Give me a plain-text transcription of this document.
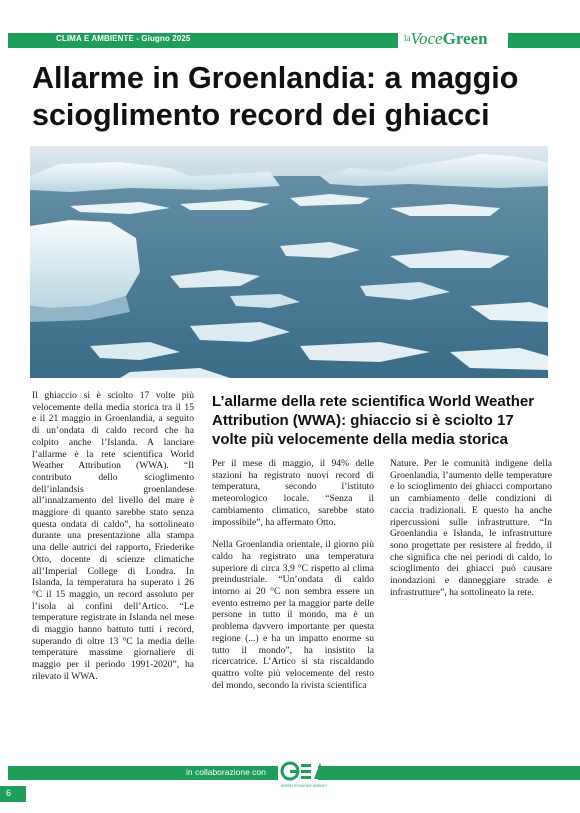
CLIMA E AMBIENTE - Giugno 2025	laVoceGreen
Allarme in Groenlandia: a maggio scioglimento record dei ghiacci

Il ghiaccio si è sciolto 17 volte più velocemente della media storica tra il 15 e il 21 maggio in Groenlandia, a seguito di un’ondata di caldo record che ha colpito anche l’Islanda. A lanciare l’allarme è la rete scientifica World Weather Attribution (WWA). “Il contributo dello scioglimento dell’inlandsis groenlandese all’innalzamento del livello del mare è maggiore di quanto sarebbe stato senza questa ondata di caldo”, ha sottolineato durante una presentazione alla stampa una delle autrici del rapporto, Friederike Otto, docente di scienze climatiche all’Imperial College di Londra. In Islanda, la temperatura ha superato i 26 °C il 15 maggio, un record assoluto per l’isola ai confini dell’Artico. “Le temperature registrate in Islanda nel mese di maggio hanno battuto tutti i record, superando di oltre 13 °C la media delle temperature massime giornaliere di maggio per il periodo 1991-2020”, ha rilevato il WWA.

L’allarme della rete scientifica World Weather Attribution (WWA): ghiaccio si è sciolto 17 volte più velocemente della media storica

Per il mese di maggio, il 94% delle stazioni ha registrato nuovi record di temperatura, secondo l’istituto meteorologico locale. “Senza il cambiamento climatico, sarebbe stato impossibile”, ha affermato Otto.

Nella Groenlandia orientale, il giorno più caldo ha registrato una temperatura superiore di circa 3,9 °C rispetto al clima preindustriale. “Un’ondata di caldo intorno ai 20 °C non sembra essere un evento estremo per la maggior parte delle persone in tutto il mondo, ma è un problema davvero importante per questa regione (...) e ha un impatto enorme su tutto il mondo”, ha insistito la ricercatrice. L’Artico si sta riscaldando quattro volte più velocemente del resto del mondo, secondo la rivista scientifica

Nature. Per le comunità indigene della Groenlandia, l’aumento delle temperature e lo scioglimento dei ghiacci comportano un cambiamento delle condizioni di caccia tradizionali. E questo ha anche ripercussioni sulle infrastrutture. “In Groenlandia e Islanda, le infrastrutture sono progettate per resistere al freddo, il che significa che nei periodi di caldo, lo scioglimento dei ghiacci può causare inondazioni e danneggiare strade e infrastrutture”, ha sottolineato la rete.

in collaborazione con
GREEN ECONOMY AGENCY
6
